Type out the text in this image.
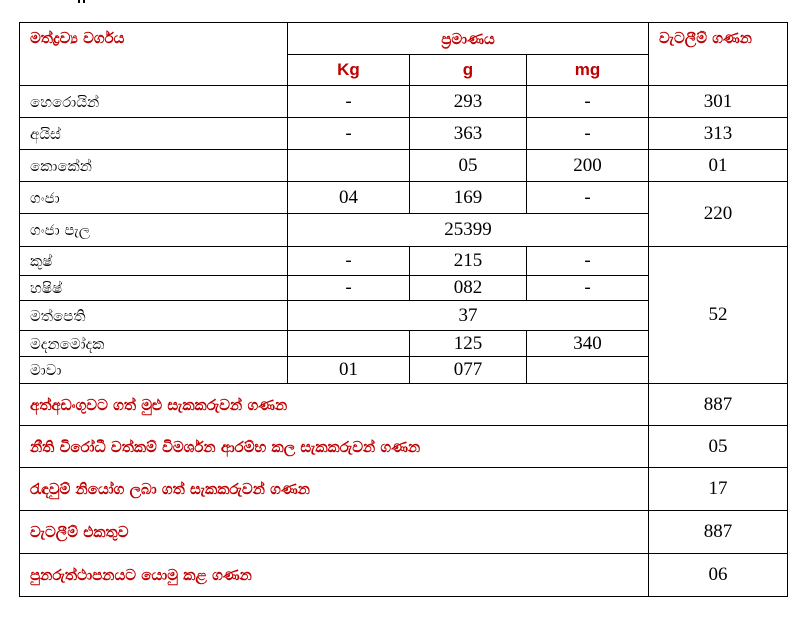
මත්ද්‍රව්‍ය වර්ගය	ප්‍රමාණය			වැටලීම් ගණන
	Kg	g	mg	
හෙරොයින්	-	293	-	301
අයිස්	-	363	-	313
කොකේන්		05	200	01
ගංජා	04	169	-	220
ගංජා පැල	25399			
කුෂ්	-	215	-	52
හෂිෂ්	-	082	-	
මත්පෙති	37			
මදනමෝදක		125	340	
මාවා	01	077		
අත්අඩංගුවට ගත් මුළු සැකකරුවන් ගණන				887
නීති විරෝධී වත්කම් විමර්ශන ආරම්භ කල සැකකරුවන් ගණන				05
රැඳවුම් නියෝග ලබා ගත් සැකකරුවන් ගණන				17
වැටලීම් එකතුව				887
පුනරුත්ථාපනයට යොමු කළ ගණන				06
